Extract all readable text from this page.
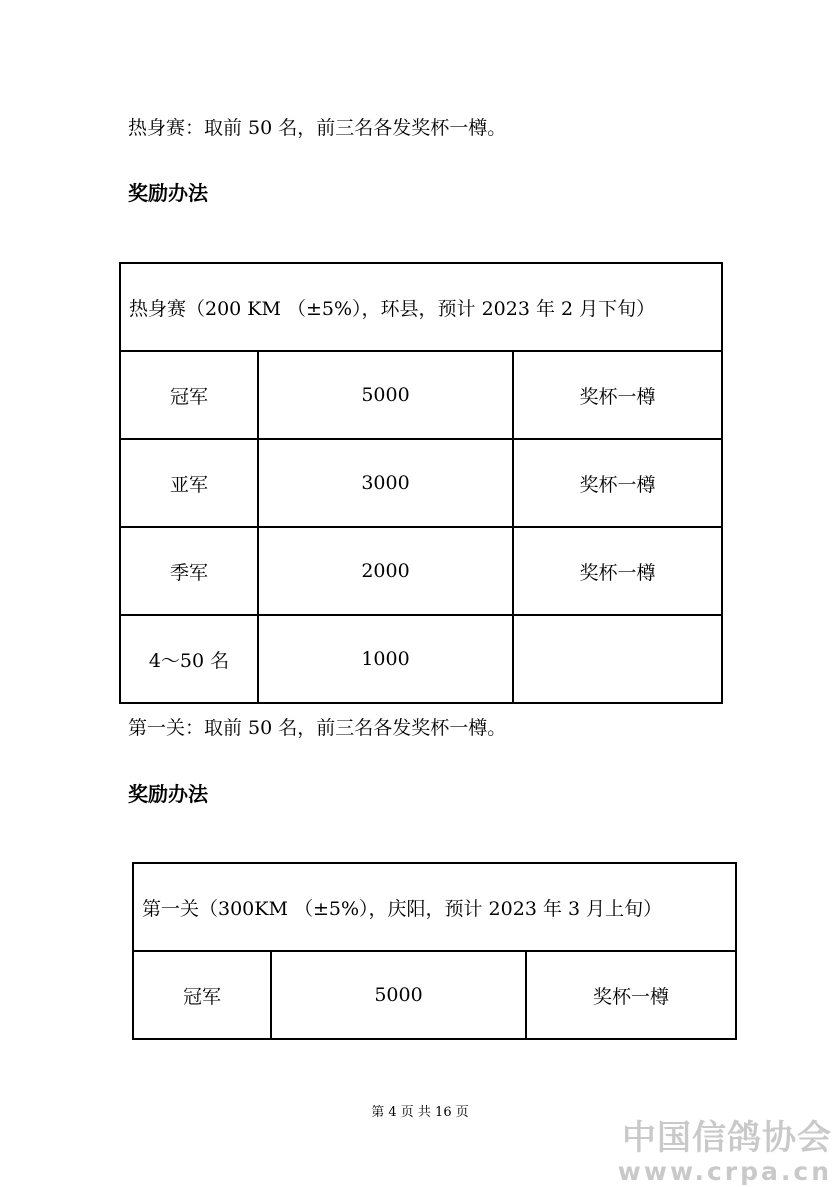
热身赛：取前 50 名，前三名各发奖杯一樽。
奖励办法
热身赛（200 KM （±5%），环县，预计 2023 年 2 月下旬）		
冠军	5000	奖杯一樽
亚军	3000	奖杯一樽
季军	2000	奖杯一樽
4～50 名	1000	
第一关：取前 50 名，前三名各发奖杯一樽。
奖励办法
第一关（300KM （±5%），庆阳，预计 2023 年 3 月上旬）
冠军	5000	奖杯一樽
第 4 页 共 16 页
中国信鸽协会
www.crpa.cn
